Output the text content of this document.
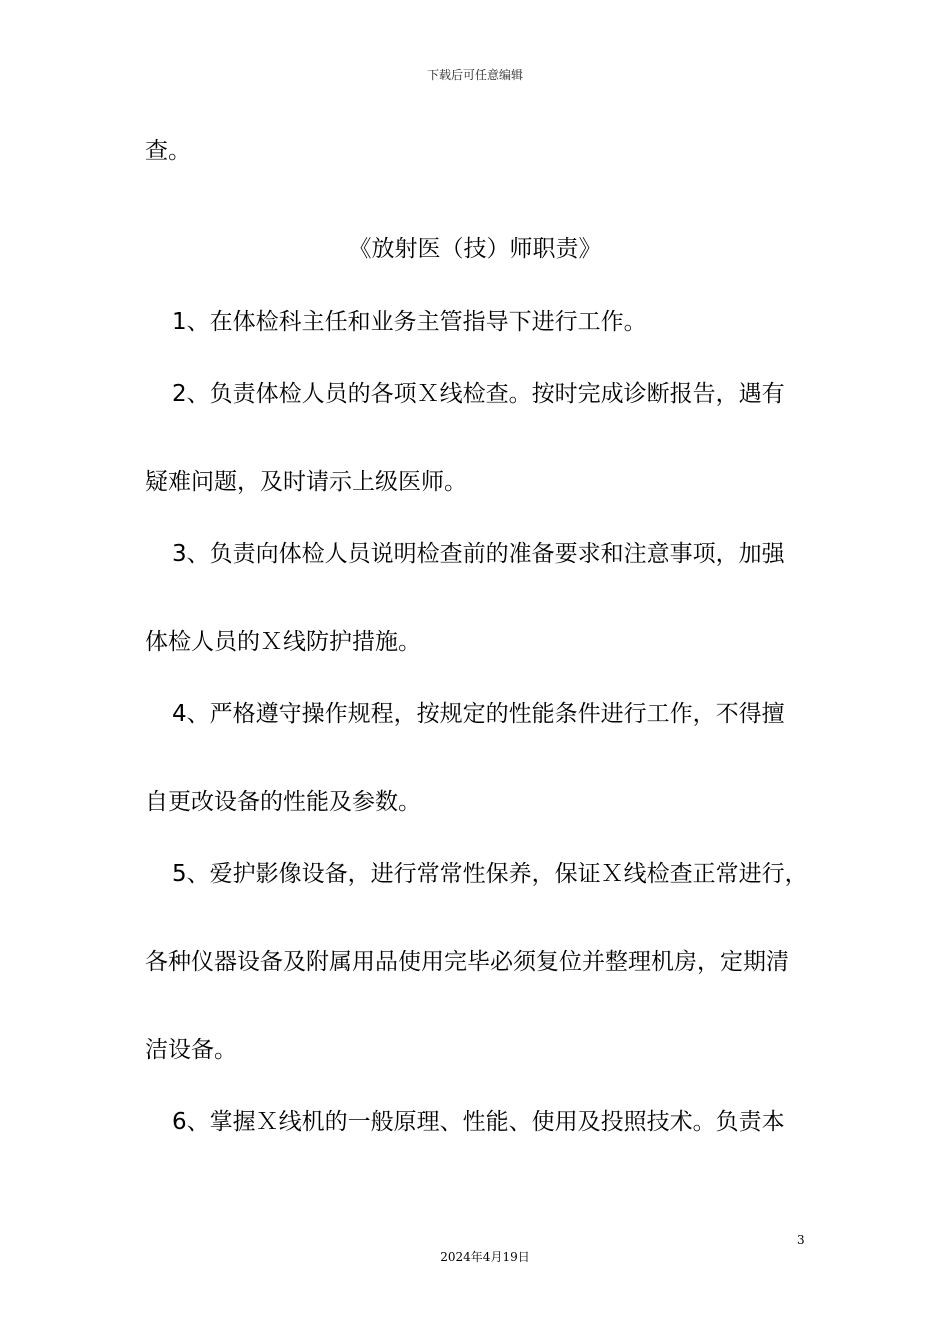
下载后可任意编辑
查。
《放射医（技）师职责》
1、在体检科主任和业务主管指导下进行工作。
2、负责体检人员的各项Ｘ线检查。按时完成诊断报告，遇有
疑难问题，及时请示上级医师。
3、负责向体检人员说明检查前的准备要求和注意事项，加强
体检人员的Ｘ线防护措施。
4、严格遵守操作规程，按规定的性能条件进行工作，不得擅
自更改设备的性能及参数。
5、爱护影像设备，进行常常性保养，保证Ｘ线检查正常进行，
各种仪器设备及附属用品使用完毕必须复位并整理机房，定期清
洁设备。
6、掌握Ｘ线机的一般原理、性能、使用及投照技术。负责本
3
2024年4月19日
